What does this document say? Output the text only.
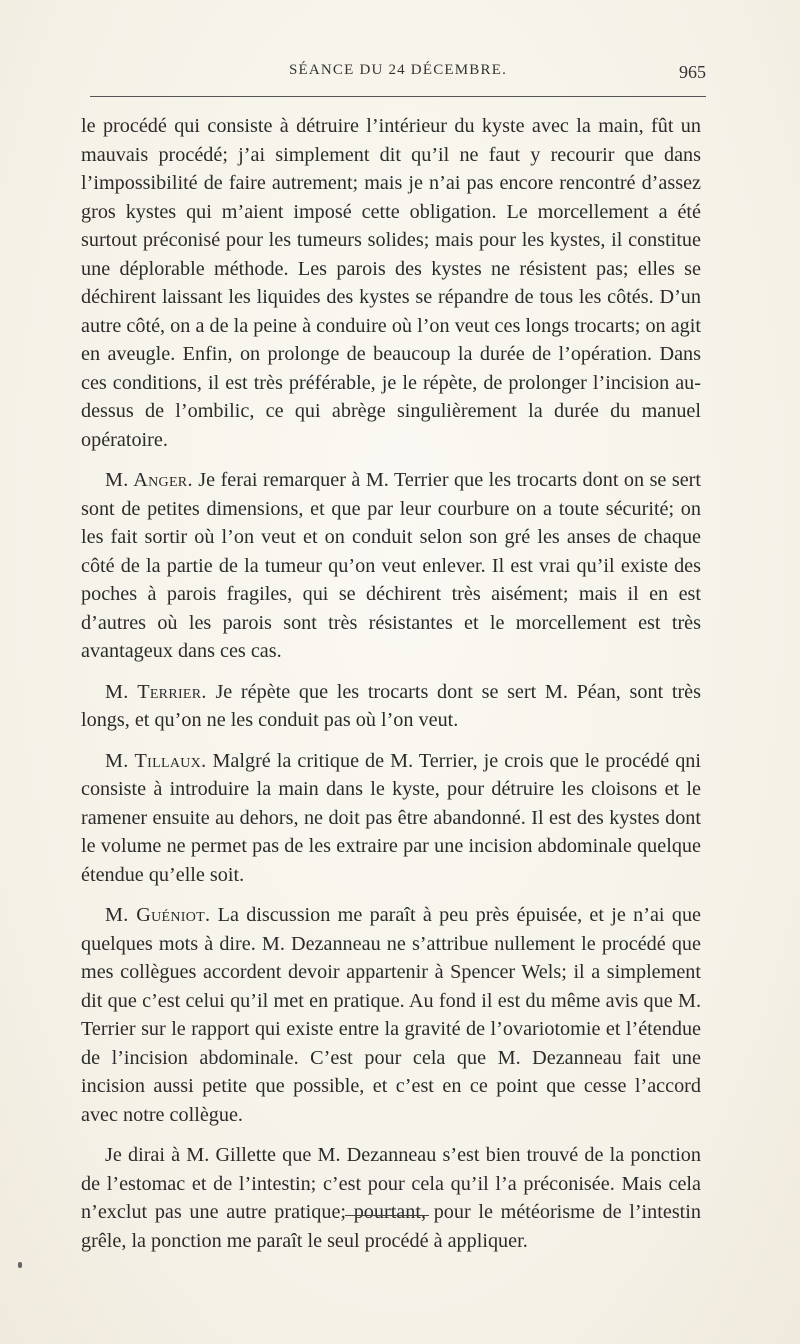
SÉANCE DU 24 DÉCEMBRE.	965

le procédé qui consiste à détruire l’intérieur du kyste avec la main, fût un mauvais procédé; j’ai simplement dit qu’il ne faut y recourir que dans l’impossibilité de faire autrement; mais je n’ai pas encore rencontré d’assez gros kystes qui m’aient imposé cette obligation. Le morcellement a été surtout préconisé pour les tumeurs solides; mais pour les kystes, il constitue une déplorable méthode. Les parois des kystes ne résistent pas; elles se déchirent laissant les liquides des kystes se répandre de tous les côtés. D’un autre côté, on a de la peine à conduire où l’on veut ces longs trocarts; on agit en aveugle. Enfin, on prolonge de beaucoup la durée de l’opération. Dans ces conditions, il est très préférable, je le répète, de prolonger l’incision au-dessus de l’ombilic, ce qui abrège singulièrement la durée du manuel opératoire.

M. Anger. Je ferai remarquer à M. Terrier que les trocarts dont on se sert sont de petites dimensions, et que par leur courbure on a toute sécurité; on les fait sortir où l’on veut et on conduit selon son gré les anses de chaque côté de la partie de la tumeur qu’on veut enlever. Il est vrai qu’il existe des poches à parois fragiles, qui se déchirent très aisément; mais il en est d’autres où les parois sont très résistantes et le morcellement est très avantageux dans ces cas.

M. Terrier. Je répète que les trocarts dont se sert M. Péan, sont très longs, et qu’on ne les conduit pas où l’on veut.

M. Tillaux. Malgré la critique de M. Terrier, je crois que le procédé qni consiste à introduire la main dans le kyste, pour détruire les cloisons et le ramener ensuite au dehors, ne doit pas être abandonné. Il est des kystes dont le volume ne permet pas de les extraire par une incision abdominale quelque étendue qu’elle soit.

M. Guéniot. La discussion me paraît à peu près épuisée, et je n’ai que quelques mots à dire. M. Dezanneau ne s’attribue nullement le procédé que mes collègues accordent devoir appartenir à Spencer Wels; il a simplement dit que c’est celui qu’il met en pratique. Au fond il est du même avis que M. Terrier sur le rapport qui existe entre la gravité de l’ovariotomie et l’étendue de l’incision abdominale. C’est pour cela que M. Dezanneau fait une incision aussi petite que possible, et c’est en ce point que cesse l’accord avec notre collègue.

Je dirai à M. Gillette que M. Dezanneau s’est bien trouvé de la ponction de l’estomac et de l’intestin; c’est pour cela qu’il l’a préconisée. Mais cela n’exclut pas une autre pratique; pourtant, pour le météorisme de l’intestin grêle, la ponction me paraît le seul procédé à appliquer.
